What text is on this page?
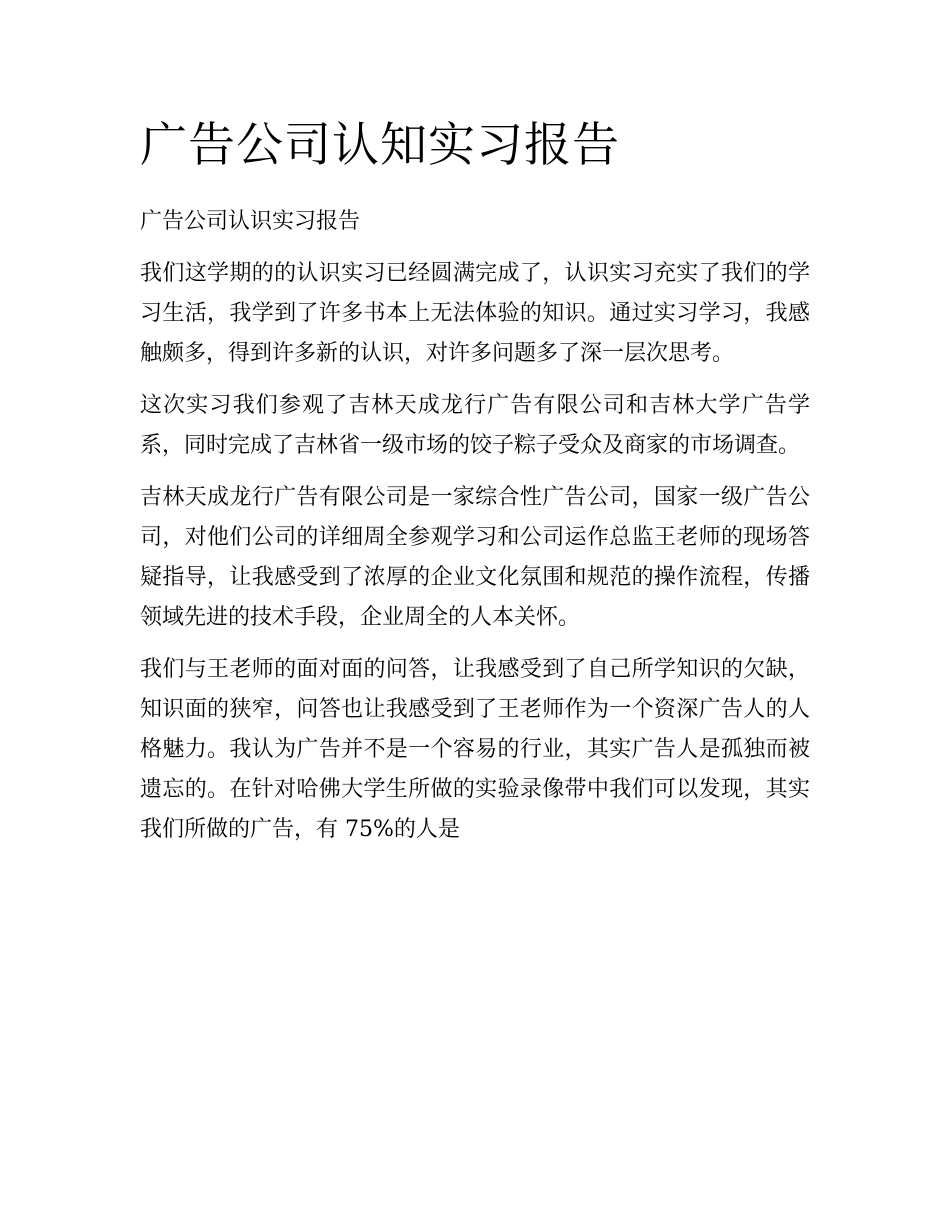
广告公司认知实习报告

广告公司认识实习报告

我们这学期的的认识实习已经圆满完成了，认识实习充实了我们的学习生活，我学到了许多书本上无法体验的知识。通过实习学习，我感触颇多，得到许多新的认识，对许多问题多了深一层次思考。

这次实习我们参观了吉林天成龙行广告有限公司和吉林大学广告学系，同时完成了吉林省一级市场的饺子粽子受众及商家的市场调查。

吉林天成龙行广告有限公司是一家综合性广告公司，国家一级广告公司，对他们公司的详细周全参观学习和公司运作总监王老师的现场答疑指导，让我感受到了浓厚的企业文化氛围和规范的操作流程，传播领域先进的技术手段，企业周全的人本关怀。

我们与王老师的面对面的问答，让我感受到了自己所学知识的欠缺，知识面的狭窄，问答也让我感受到了王老师作为一个资深广告人的人格魅力。我认为广告并不是一个容易的行业，其实广告人是孤独而被遗忘的。在针对哈佛大学生所做的实验录像带中我们可以发现，其实我们所做的广告，有 75%的人是
